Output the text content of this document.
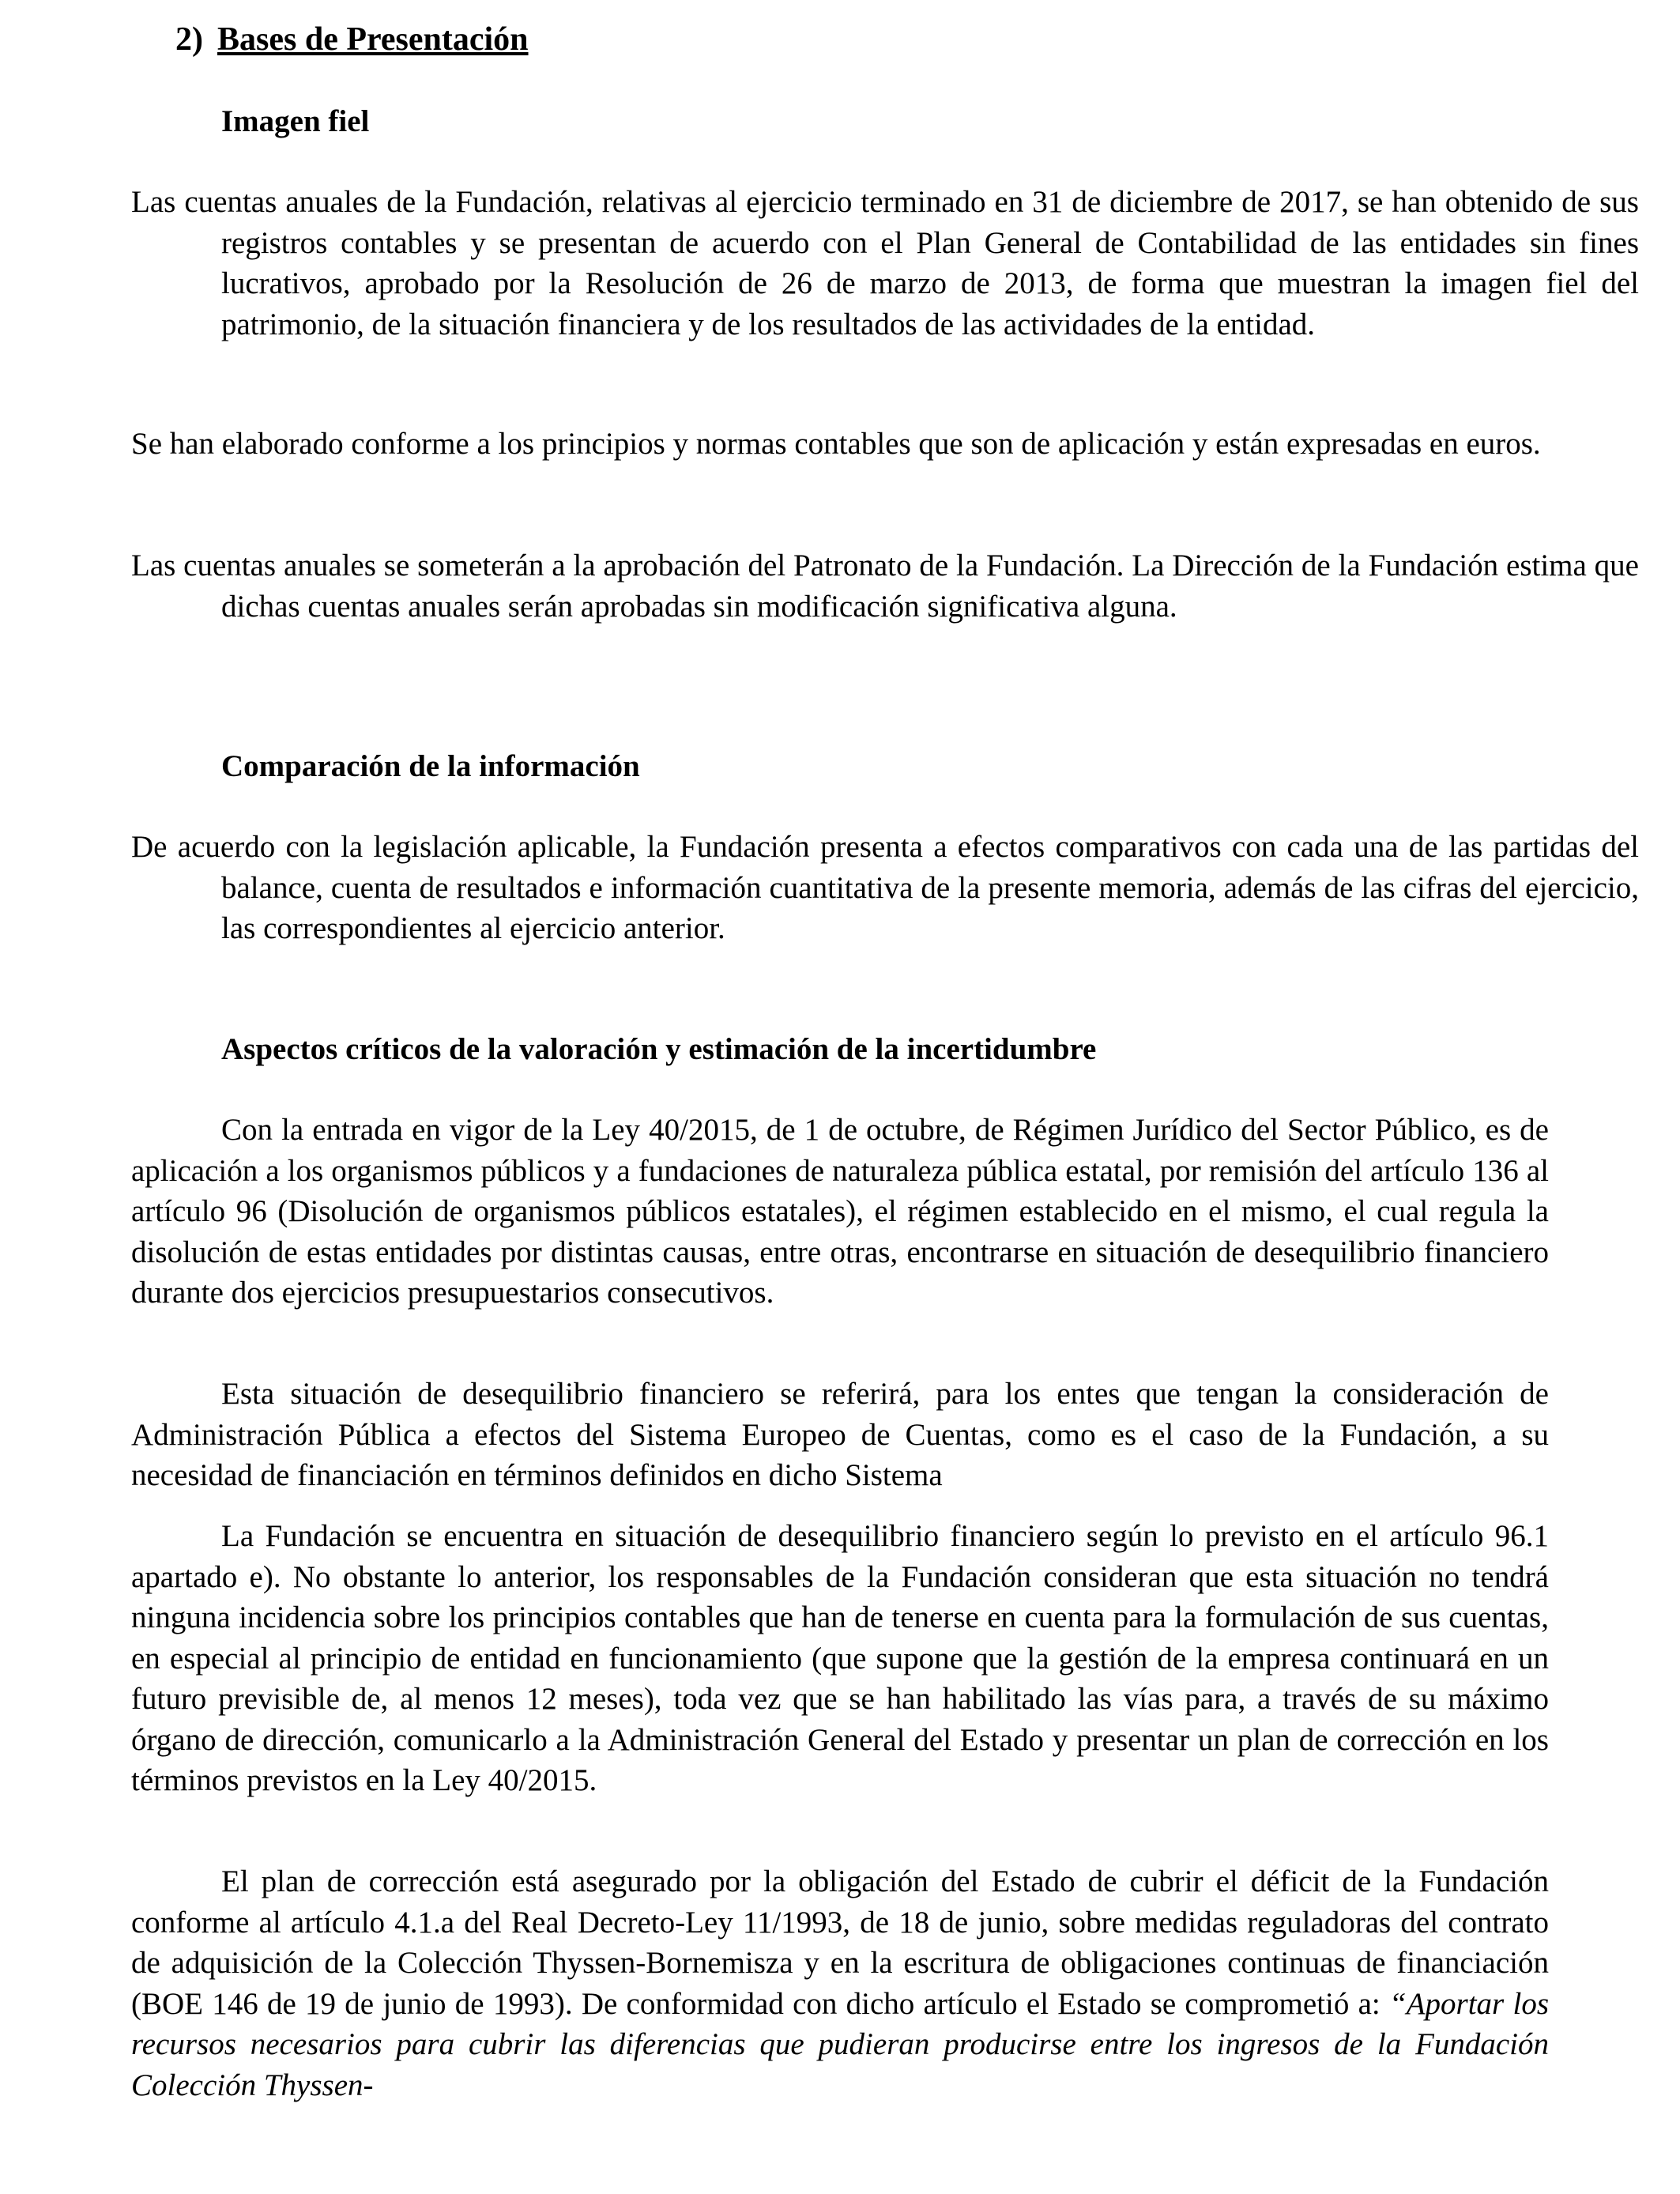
2) Bases de Presentación
Imagen fiel
Las cuentas anuales de la Fundación, relativas al ejercicio terminado en 31 de diciembre de 2017, se han obtenido de sus registros contables y se presentan de acuerdo con el Plan General de Contabilidad de las entidades sin fines lucrativos, aprobado por la Resolución de 26 de marzo de 2013, de forma que muestran la imagen fiel del patrimonio, de la situación financiera y de los resultados de las actividades de la entidad.
Se han elaborado conforme a los principios y normas contables que son de aplicación y están expresadas en euros.
Las cuentas anuales se someterán a la aprobación del Patronato de la Fundación. La Dirección de la Fundación estima que dichas cuentas anuales serán aprobadas sin modificación significativa alguna.
Comparación de la información
De acuerdo con la legislación aplicable, la Fundación presenta a efectos comparativos con cada una de las partidas del balance, cuenta de resultados e información cuantitativa de la presente memoria, además de las cifras del ejercicio, las correspondientes al ejercicio anterior.
Aspectos críticos de la valoración y estimación de la incertidumbre
Con la entrada en vigor de la Ley 40/2015, de 1 de octubre, de Régimen Jurídico del Sector Público, es de aplicación a los organismos públicos y a fundaciones de naturaleza pública estatal, por remisión del artículo 136 al artículo 96 (Disolución de organismos públicos estatales), el régimen establecido en el mismo, el cual regula la disolución de estas entidades por distintas causas, entre otras, encontrarse en situación de desequilibrio financiero durante dos ejercicios presupuestarios consecutivos.
Esta situación de desequilibrio financiero se referirá, para los entes que tengan la consideración de Administración Pública a efectos del Sistema Europeo de Cuentas, como es el caso de la Fundación, a su necesidad de financiación en términos definidos en dicho Sistema
La Fundación se encuentra en situación de desequilibrio financiero según lo previsto en el artículo 96.1 apartado e). No obstante lo anterior, los responsables de la Fundación consideran que esta situación no tendrá ninguna incidencia sobre los principios contables que han de tenerse en cuenta para la formulación de sus cuentas, en especial al principio de entidad en funcionamiento (que supone que la gestión de la empresa continuará en un futuro previsible de, al menos 12 meses), toda vez que se han habilitado las vías para, a través de su máximo órgano de dirección, comunicarlo a la Administración General del Estado y presentar un plan de corrección en los términos previstos en la Ley 40/2015.
El plan de corrección está asegurado por la obligación del Estado de cubrir el déficit de la Fundación conforme al artículo 4.1.a del Real Decreto-Ley 11/1993, de 18 de junio, sobre medidas reguladoras del contrato de adquisición de la Colección Thyssen-Bornemisza y en la escritura de obligaciones continuas de financiación (BOE 146 de 19 de junio de 1993). De conformidad con dicho artículo el Estado se comprometió a: “Aportar los recursos necesarios para cubrir las diferencias que pudieran producirse entre los ingresos de la Fundación Colección Thyssen-
